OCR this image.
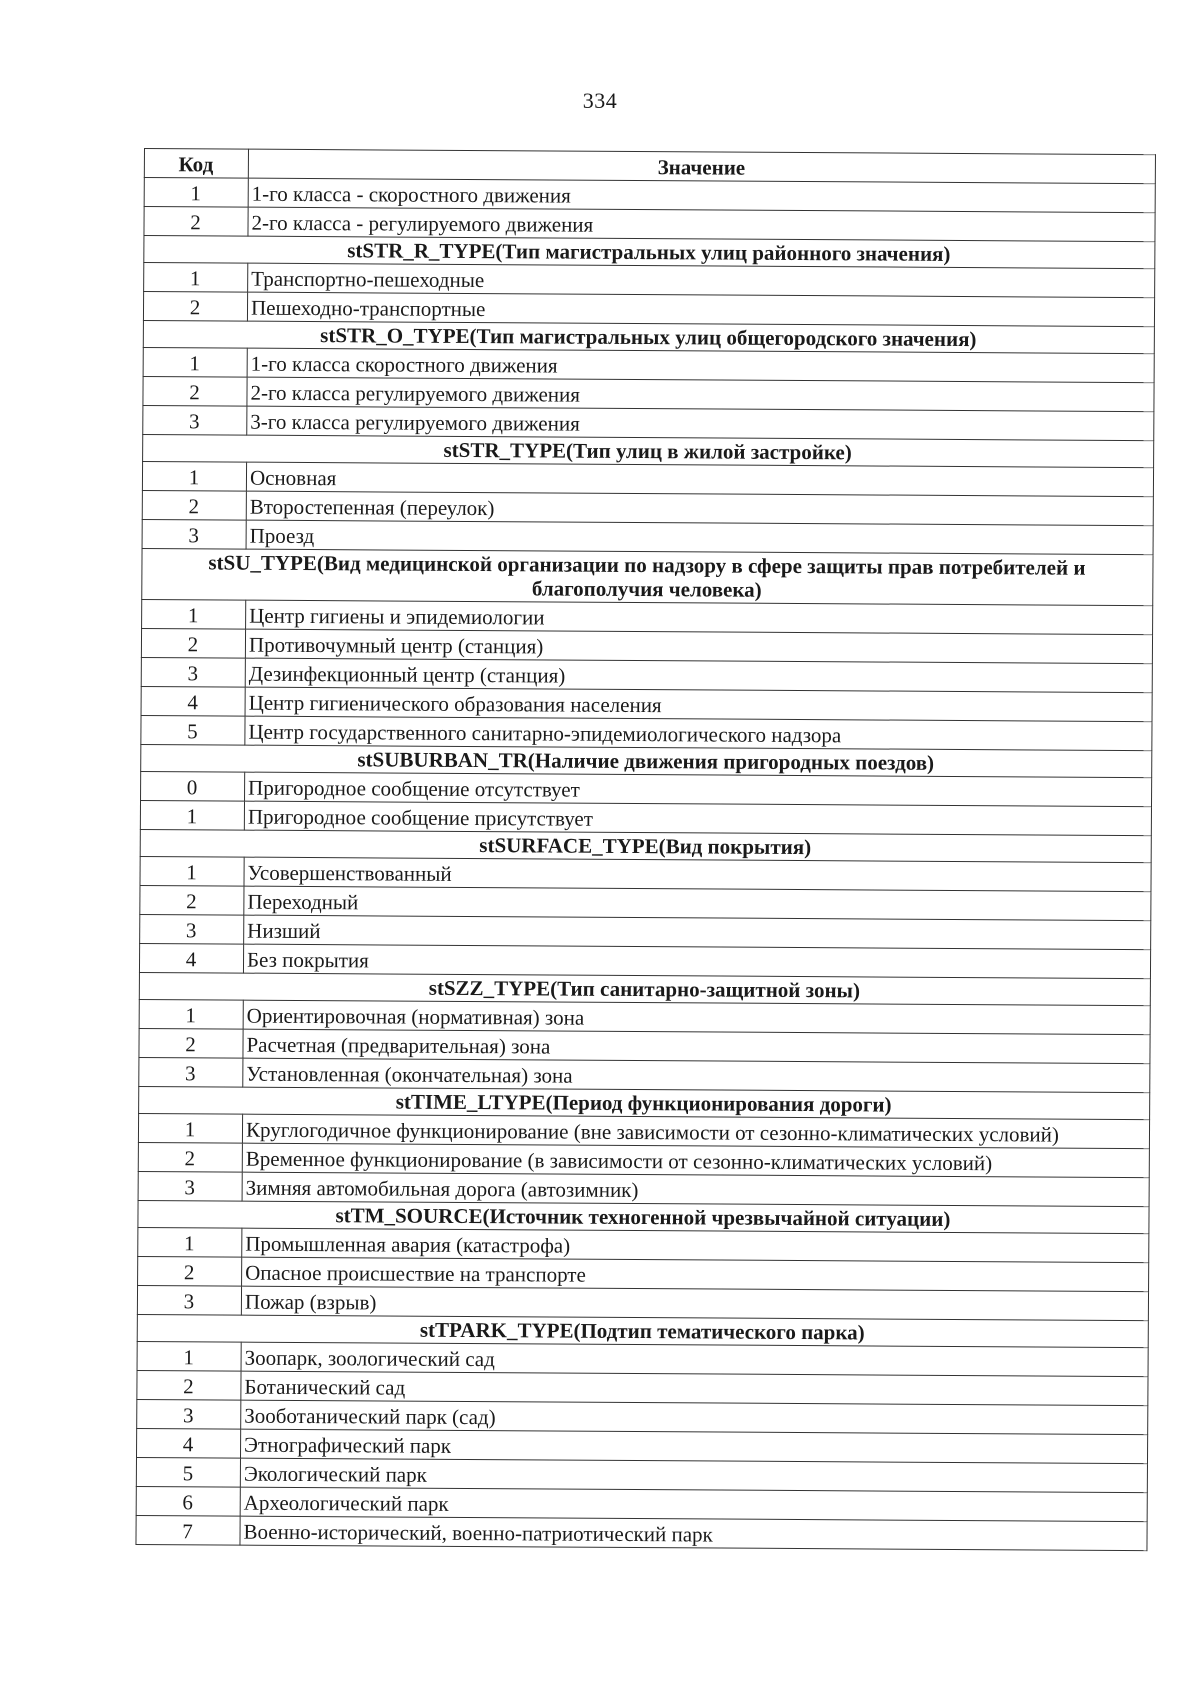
334
Код	Значение
1	1-го класса - скоростного движения
2	2-го класса - регулируемого движения
stSTR_R_TYPE(Тип магистральных улиц районного значения)	
1	Транспортно-пешеходные
2	Пешеходно-транспортные
stSTR_O_TYPE(Тип магистральных улиц общегородского значения)	
1	1-го класса скоростного движения
2	2-го класса регулируемого движения
3	3-го класса регулируемого движения
stSTR_TYPE(Тип улиц в жилой застройке)	
1	Основная
2	Второстепенная (переулок)
3	Проезд
stSU_TYPE(Вид медицинской организации по надзору в сфере защиты прав потребителей и благополучия человека)	
1	Центр гигиены и эпидемиологии
2	Противочумный центр (станция)
3	Дезинфекционный центр (станция)
4	Центр гигиенического образования населения
5	Центр государственного санитарно-эпидемиологического надзора
stSUBURBAN_TR(Наличие движения пригородных поездов)	
0	Пригородное сообщение отсутствует
1	Пригородное сообщение присутствует
stSURFACE_TYPE(Вид покрытия)	
1	Усовершенствованный
2	Переходный
3	Низший
4	Без покрытия
stSZZ_TYPE(Тип санитарно-защитной зоны)	
1	Ориентировочная (нормативная) зона
2	Расчетная (предварительная) зона
3	Установленная (окончательная) зона
stTIME_LTYPE(Период функционирования дороги)	
1	Круглогодичное функционирование (вне зависимости от сезонно-климатических условий)
2	Временное функционирование (в зависимости от сезонно-климатических условий)
3	Зимняя автомобильная дорога (автозимник)
stTM_SOURCE(Источник техногенной чрезвычайной ситуации)	
1	Промышленная авария (катастрофа)
2	Опасное происшествие на транспорте
3	Пожар (взрыв)
stTPARK_TYPE(Подтип тематического парка)	
1	Зоопарк, зоологический сад
2	Ботанический сад
3	Зооботанический парк (сад)
4	Этнографический парк
5	Экологический парк
6	Археологический парк
7	Военно-исторический, военно-патриотический парк
